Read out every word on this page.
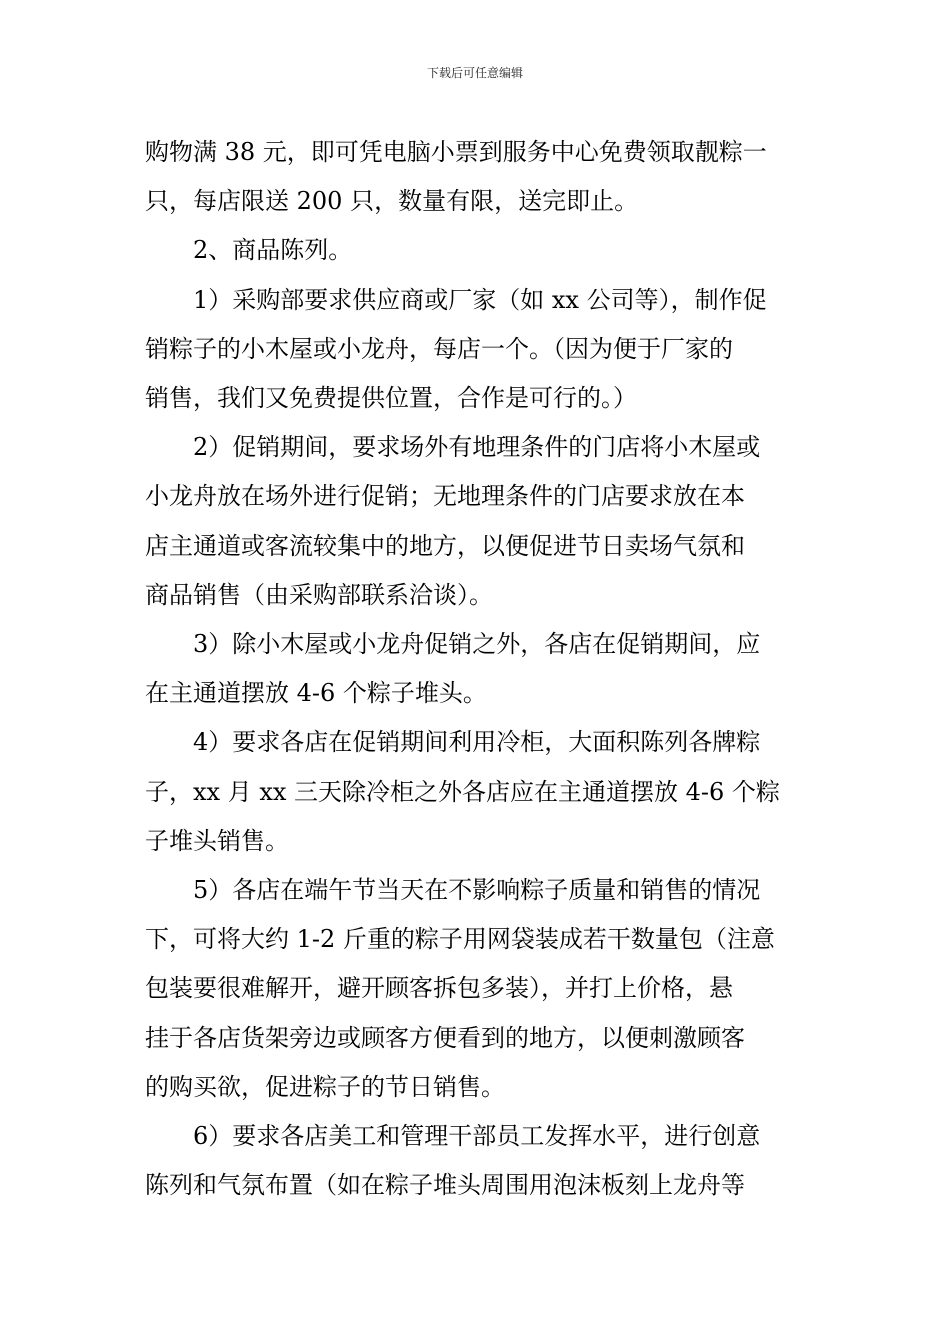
下载后可任意编辑
购物满 38 元，即可凭电脑小票到服务中心免费领取靓粽一
只，每店限送 200 只，数量有限，送完即止。
2、商品陈列。
1）采购部要求供应商或厂家（如 xx 公司等），制作促
销粽子的小木屋或小龙舟，每店一个。（因为便于厂家的
销售，我们又免费提供位置，合作是可行的。）
2）促销期间，要求场外有地理条件的门店将小木屋或
小龙舟放在场外进行促销；无地理条件的门店要求放在本
店主通道或客流较集中的地方，以便促进节日卖场气氛和
商品销售（由采购部联系洽谈）。
3）除小木屋或小龙舟促销之外，各店在促销期间，应
在主通道摆放 4-6 个粽子堆头。
4）要求各店在促销期间利用冷柜，大面积陈列各牌粽
子，xx 月 xx 三天除冷柜之外各店应在主通道摆放 4-6 个粽
子堆头销售。
5）各店在端午节当天在不影响粽子质量和销售的情况
下，可将大约 1-2 斤重的粽子用网袋装成若干数量包（注意
包装要很难解开，避开顾客拆包多装），并打上价格，悬
挂于各店货架旁边或顾客方便看到的地方，以便刺激顾客
的购买欲，促进粽子的节日销售。
6）要求各店美工和管理干部员工发挥水平，进行创意
陈列和气氛布置（如在粽子堆头周围用泡沫板刻上龙舟等
